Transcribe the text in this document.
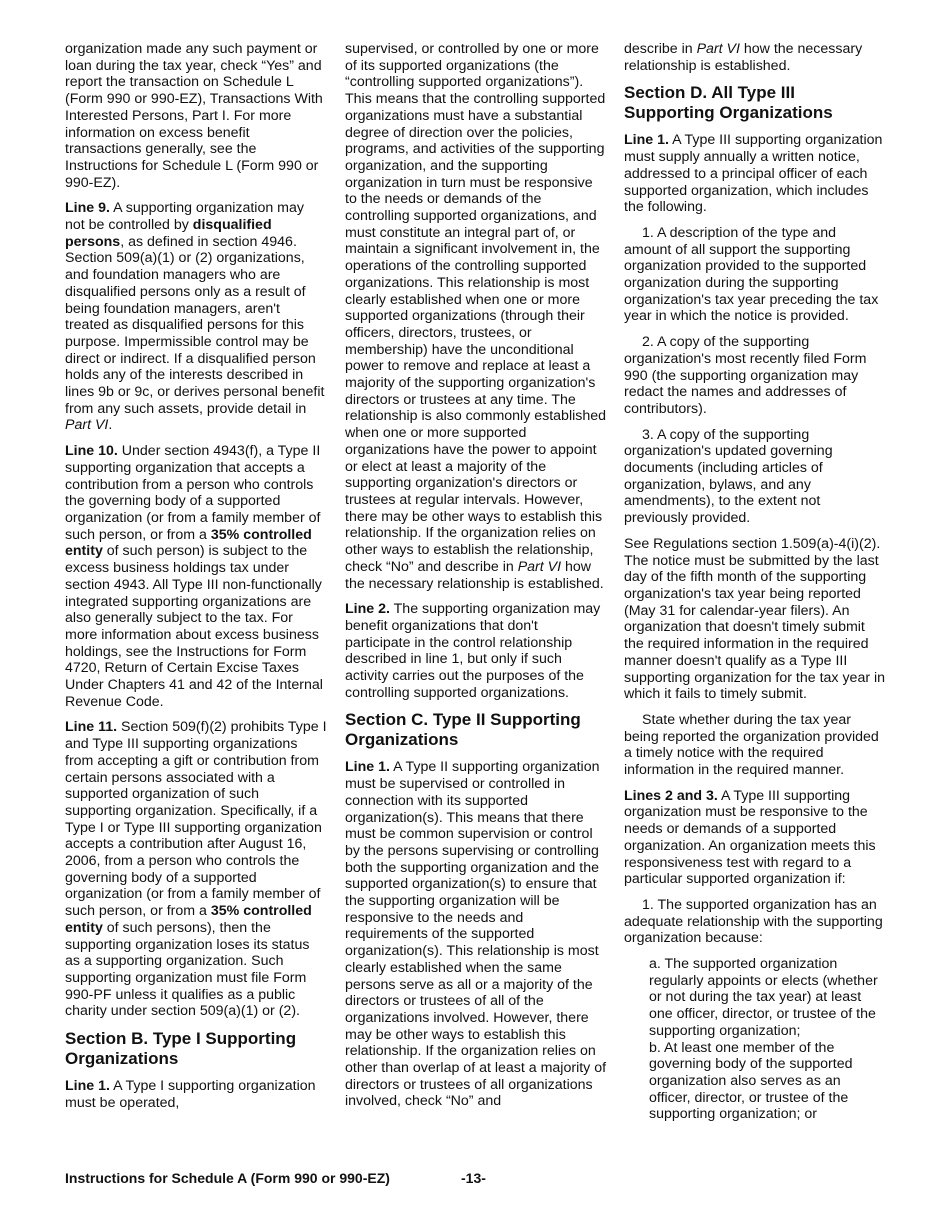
organization made any such payment or loan during the tax year, check “Yes” and report the transaction on Schedule L (Form 990 or 990-EZ), Transactions With Interested Persons, Part I. For more information on excess benefit transactions generally, see the Instructions for Schedule L (Form 990 or 990-EZ).

Line 9. A supporting organization may not be controlled by disqualified persons, as defined in section 4946. Section 509(a)(1) or (2) organizations, and foundation managers who are disqualified persons only as a result of being foundation managers, aren't treated as disqualified persons for this purpose. Impermissible control may be direct or indirect. If a disqualified person holds any of the interests described in lines 9b or 9c, or derives personal benefit from any such assets, provide detail in Part VI.

Line 10. Under section 4943(f), a Type II supporting organization that accepts a contribution from a person who controls the governing body of a supported organization (or from a family member of such person, or from a 35% controlled entity of such person) is subject to the excess business holdings tax under section 4943. All Type III non-functionally integrated supporting organizations are also generally subject to the tax. For more information about excess business holdings, see the Instructions for Form 4720, Return of Certain Excise Taxes Under Chapters 41 and 42 of the Internal Revenue Code.

Line 11. Section 509(f)(2) prohibits Type I and Type III supporting organizations from accepting a gift or contribution from certain persons associated with a supported organization of such supporting organization. Specifically, if a Type I or Type III supporting organization accepts a contribution after August 16, 2006, from a person who controls the governing body of a supported organization (or from a family member of such person, or from a 35% controlled entity of such persons), then the supporting organization loses its status as a supporting organization. Such supporting organization must file Form 990-PF unless it qualifies as a public charity under section 509(a)(1) or (2).

Section B. Type I Supporting Organizations

Line 1. A Type I supporting organization must be operated,

supervised, or controlled by one or more of its supported organizations (the “controlling supported organizations”). This means that the controlling supported organizations must have a substantial degree of direction over the policies, programs, and activities of the supporting organization, and the supporting organization in turn must be responsive to the needs or demands of the controlling supported organizations, and must constitute an integral part of, or maintain a significant involvement in, the operations of the controlling supported organizations. This relationship is most clearly established when one or more supported organizations (through their officers, directors, trustees, or membership) have the unconditional power to remove and replace at least a majority of the supporting organization's directors or trustees at any time. The relationship is also commonly established when one or more supported organizations have the power to appoint or elect at least a majority of the supporting organization's directors or trustees at regular intervals. However, there may be other ways to establish this relationship. If the organization relies on other ways to establish the relationship, check “No” and describe in Part VI how the necessary relationship is established.

Line 2. The supporting organization may benefit organizations that don't participate in the control relationship described in line 1, but only if such activity carries out the purposes of the controlling supported organizations.

Section C. Type II Supporting Organizations

Line 1. A Type II supporting organization must be supervised or controlled in connection with its supported organization(s). This means that there must be common supervision or control by the persons supervising or controlling both the supporting organization and the supported organization(s) to ensure that the supporting organization will be responsive to the needs and requirements of the supported organization(s). This relationship is most clearly established when the same persons serve as all or a majority of the directors or trustees of all of the organizations involved. However, there may be other ways to establish this relationship. If the organization relies on other than overlap of at least a majority of directors or trustees of all organizations involved, check “No” and

describe in Part VI how the necessary relationship is established.

Section D. All Type III Supporting Organizations

Line 1. A Type III supporting organization must supply annually a written notice, addressed to a principal officer of each supported organization, which includes the following.

1. A description of the type and amount of all support the supporting organization provided to the supported organization during the supporting organization's tax year preceding the tax year in which the notice is provided.

2. A copy of the supporting organization's most recently filed Form 990 (the supporting organization may redact the names and addresses of contributors).

3. A copy of the supporting organization's updated governing documents (including articles of organization, bylaws, and any amendments), to the extent not previously provided.

See Regulations section 1.509(a)-4(i)(2). The notice must be submitted by the last day of the fifth month of the supporting organization's tax year being reported (May 31 for calendar-year filers). An organization that doesn't timely submit the required information in the required manner doesn't qualify as a Type III supporting organization for the tax year in which it fails to timely submit.

State whether during the tax year being reported the organization provided a timely notice with the required information in the required manner.

Lines 2 and 3. A Type III supporting organization must be responsive to the needs or demands of a supported organization. An organization meets this responsiveness test with regard to a particular supported organization if:

1. The supported organization has an adequate relationship with the supporting organization because:

a. The supported organization regularly appoints or elects (whether or not during the tax year) at least one officer, director, or trustee of the supporting organization;

b. At least one member of the governing body of the supported organization also serves as an officer, director, or trustee of the supporting organization; or

Instructions for Schedule A (Form 990 or 990-EZ)	-13-
